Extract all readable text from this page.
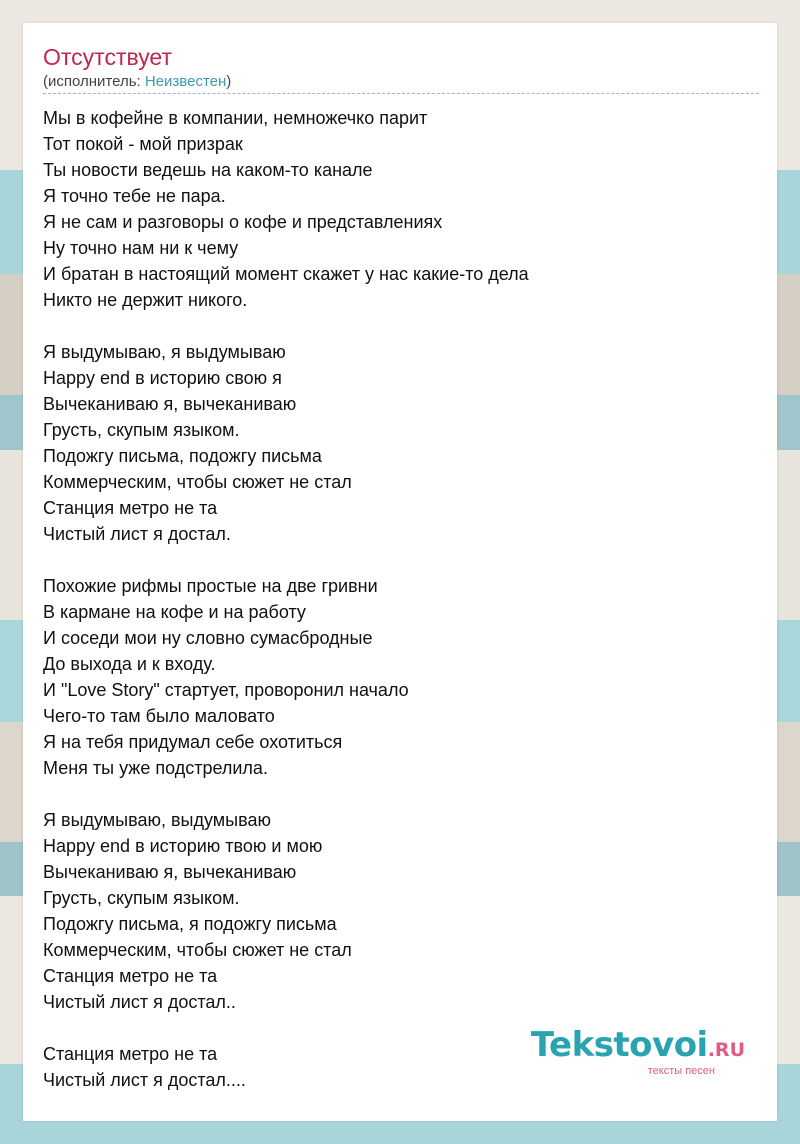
Отсутствует
(исполнитель: Неизвестен)
Мы в кофейне в компании, немножечко парит
Тот покой - мой призрак
Ты новости ведешь на каком-то канале
Я точно тебе не пара.
Я не сам и разговоры о кофе и представлениях
Ну точно нам ни к чему
И братан в настоящий момент скажет у нас какие-то дела
Никто не держит никого.
Я выдумываю, я выдумываю
Happy end в историю свою я
Вычеканиваю я, вычеканиваю
Грусть, скупым языком.
Подожгу письма, подожгу письма
Коммерческим, чтобы сюжет не стал
Станция метро не та
Чистый лист я достал.
Похожие рифмы простые на две гривни
В кармане на кофе и на работу
И соседи мои ну словно сумасбродные
До выхода и к входу.
И "Love Story" стартует, проворонил начало
Чего-то там было маловато
Я на тебя придумал себе охотиться
Меня ты уже подстрелила.
Я выдумываю, выдумываю
Happy end в историю твою и мою
Вычеканиваю я, вычеканиваю
Грусть, скупым языком.
Подожгу письма, я подожгу письма
Коммерческим, чтобы сюжет не стал
Станция метро не та
Чистый лист я достал..
Станция метро не та
Чистый лист я достал....
Tekstovoi.RU
тексты песен
